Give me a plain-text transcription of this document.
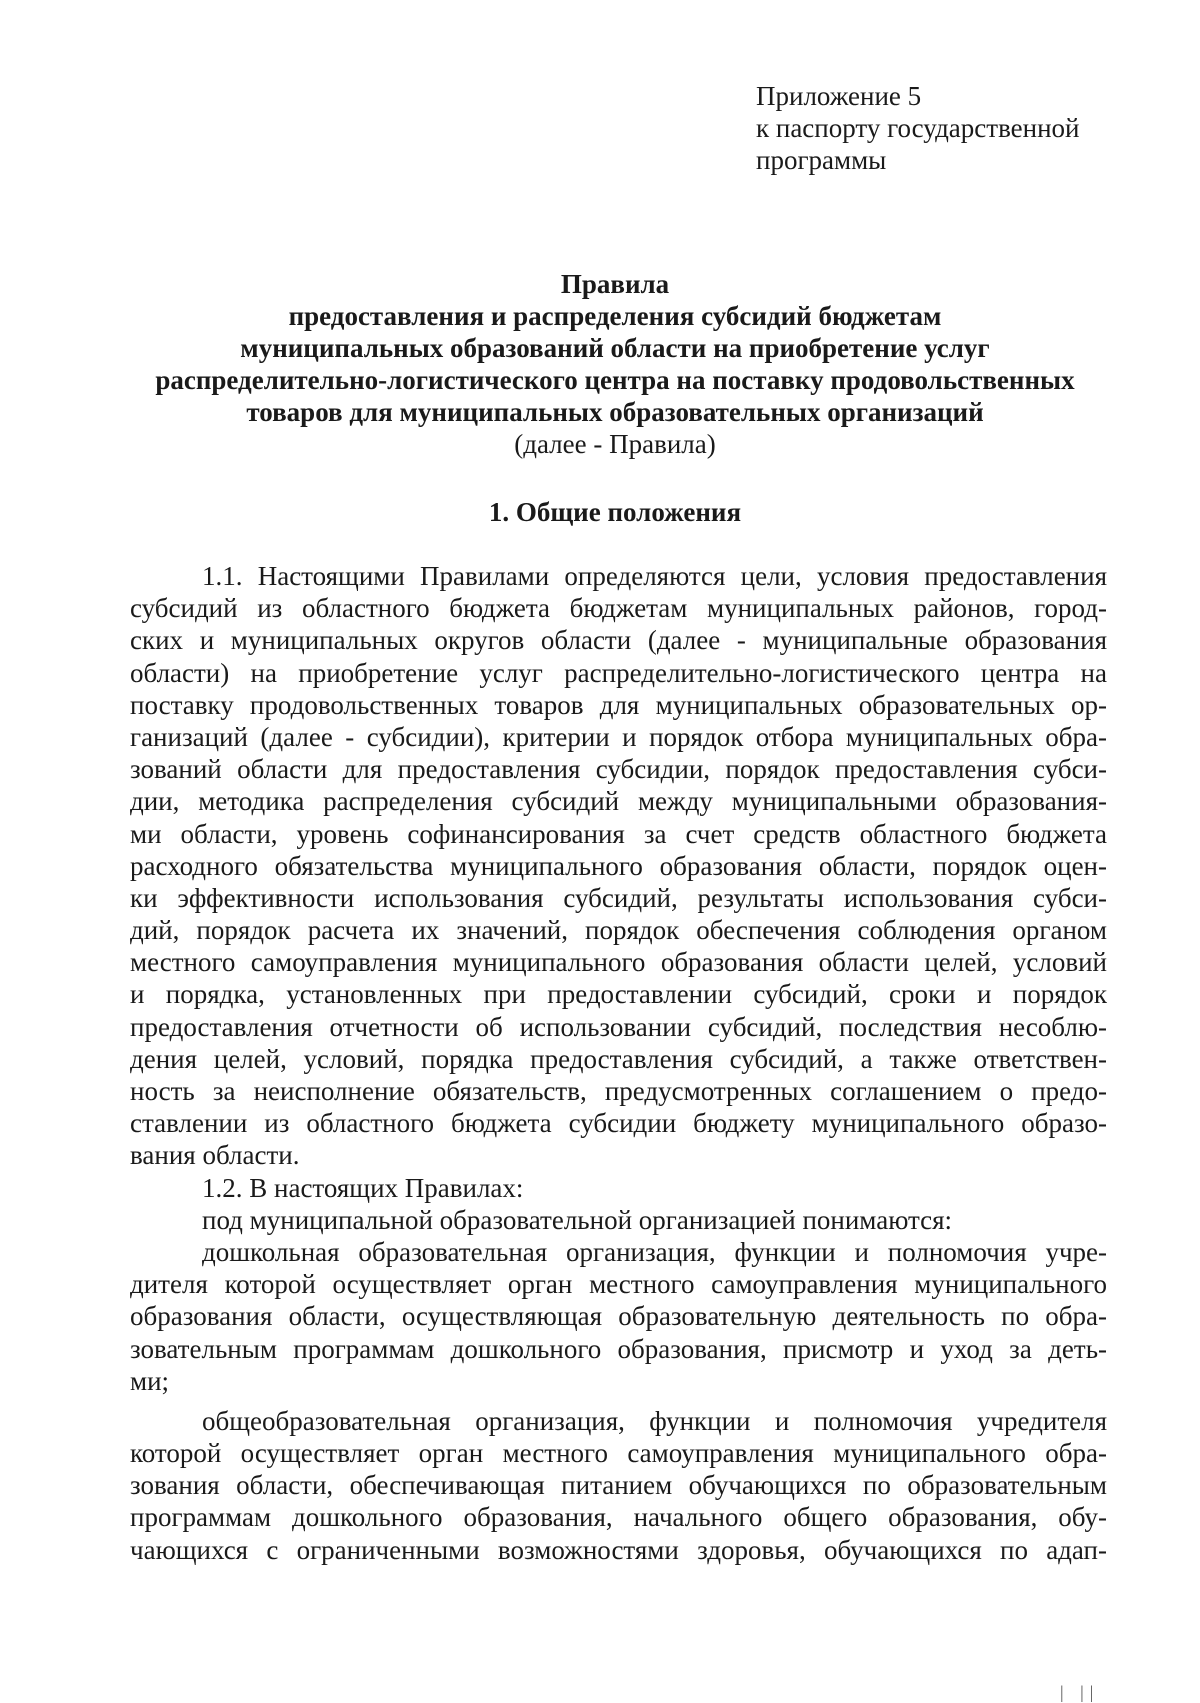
Приложение 5
к паспорту государственной
программы
Правила
предоставления и распределения субсидий бюджетам
муниципальных образований области на приобретение услуг
распределительно-логистического центра на поставку продовольственных
товаров для муниципальных образовательных организаций
(далее - Правила)
1. Общие положения
1.1. Настоящими Правилами определяются цели, условия предоставления
субсидий из областного бюджета бюджетам муниципальных районов, город-
ских и муниципальных округов области (далее - муниципальные образования
области) на приобретение услуг распределительно-логистического центра на
поставку продовольственных товаров для муниципальных образовательных ор-
ганизаций (далее - субсидии), критерии и порядок отбора муниципальных обра-
зований области для предоставления субсидии, порядок предоставления субси-
дии, методика распределения субсидий между муниципальными образования-
ми области, уровень софинансирования за счет средств областного бюджета
расходного обязательства муниципального образования области, порядок оцен-
ки эффективности использования субсидий, результаты использования субси-
дий, порядок расчета их значений, порядок обеспечения соблюдения органом
местного самоуправления муниципального образования области целей, условий
и порядка, установленных при предоставлении субсидий, сроки и порядок
предоставления отчетности об использовании субсидий, последствия несоблю-
дения целей, условий, порядка предоставления субсидий, а также ответствен-
ность за неисполнение обязательств, предусмотренных соглашением о предо-
ставлении из областного бюджета субсидии бюджету муниципального образо-
вания области.
1.2. В настоящих Правилах:
под муниципальной образовательной организацией понимаются:
дошкольная образовательная организация, функции и полномочия учре-
дителя которой осуществляет орган местного самоуправления муниципального
образования области, осуществляющая образовательную деятельность по обра-
зовательным программам дошкольного образования, присмотр и уход за деть-
ми;
общеобразовательная организация, функции и полномочия учредителя
которой осуществляет орган местного самоуправления муниципального обра-
зования области, обеспечивающая питанием обучающихся по образовательным
программам дошкольного образования, начального общего образования, обу-
чающихся с ограниченными возможностями здоровья, обучающихся по адап-
| ||
